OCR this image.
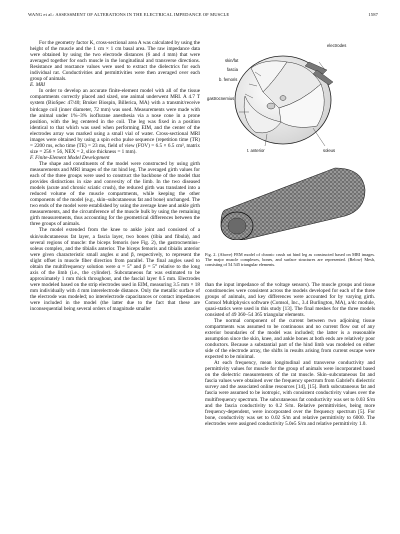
WANG et al.: ASSESSMENT OF ALTERATIONS IN THE ELECTRICAL IMPEDANCE OF MUSCLE	1587

For the geometry factor K, cross-sectional area A was calculated by using the height of the muscle and the 1 cm × 1 cm basal area. The raw impedance data were obtained by using the two electrode distances (6 and 4 mm) that were averaged together for each muscle in the longitudinal and transverse directions. Resistance and reactance values were used to extract the dielectrics for each individual rat. Conductivities and permittivities were then averaged over each group of animals.

E. MRI

In order to develop an accurate finite-element model with all of the tissue compartments correctly placed and sized, one animal underwent MRI. A 4.7 T system (BioSpec 47/40; Bruker Biospin, Billerica, MA) with a transmit/receive birdcage coil (inner diameter, 72 mm) was used. Measurements were made with the animal under 1%–3% isoflurane anesthesia via a nose cone in a prone position, with the leg centered in the coil. The leg was fixed in a position identical to that which was used when performing EIM, and the center of the electrodes array was marked using a small vial of water. Cross-sectional MRI images were obtained by using a spin echo pulse sequence (repetition time (TR) = 2200 ms, echo time (TE) = 23 ms, field of view (FOV) = 6.5 × 6.5 cm², matrix size = 256 × 56, NEX = 2, slice thickness = 1 mm).

F. Finite-Element Model Development

The shape and constituents of the model were constructed by using girth measurements and MRI images of the rat hind leg. The averaged girth values for each of the three groups were used to construct the backbone of the model that provides distinctions in size and convexity of the limb. In the two diseased models (acute and chronic sciatic crush), the reduced girth was translated into a reduced volume of the muscle compartments, while keeping the other components of the model (e.g., skin–subcutaneous fat and bone) unchanged. The two ends of the model were established by using the average knee and ankle girth measurements, and the circumference of the muscle bulk by using the remaining girth measurements, thus accounting for the geometrical differences between the three groups of animals.

The model extended from the knee to ankle joint and consisted of a skin/subcutaneous fat layer, a fascia layer, two bones (tibia and fibula), and several regions of muscle: the biceps femoris (see Fig. 2), the gastrocnemius–soleus complex, and the tibialis anterior. The biceps femoris and tibialis anterior were given characteristic small angles α and β, respectively, to represent the slight offset in muscle fiber direction from parallel. The final angles used to obtain the multifrequency solution were α = 5° and β = 5° relative to the long axis of the limb (i.e., the cylinder). Subcutaneous fat was estimated to be approximately 1 mm thick throughout, and the fascial layer 0.5 mm. Electrodes were modeled based on the strip electrodes used in EIM, measuring 3.5 mm × 18 mm individually with 4 mm interelectrode distance. Only the metallic surface of the electrode was modeled; no interelectrode capacitances or contact impedances were included in the model (the latter due to the fact that these are inconsequential being several orders of magnitude smaller

electrodes
skin/fat
fascia
b. femoris
gastrocnemius
t. anterior	soleus
Fig. 2. (Above) FEM model of chronic crush rat hind leg as constructed based on MRI images. The major muscle complexes, bones, and surface structures are represented. (Below) Mesh, consisting of 54 545 triangular elements.

than the input impedance of the voltage sensors). The muscle groups and tissue constituencies were consistent across the models developed for each of the three groups of animals, and key differences were accounted for by varying girth. Comsol Multiphysics software (Comsol, Inc., 3.4 Burlington, MA), a/dc module, quasi-statics were used in this study [13]. The final meshes for the three models consisted of 49 360–54 365 triangular elements.

The normal component of the current between two adjoining tissue compartments was assumed to be continuous and no current flow out of any exterior boundaries of the model was included; the latter is a reasonable assumption since the skin, knee, and ankle bones at both ends are relatively poor conductors. Because a substantial part of the hind limb was modeled on either side of the electrode array, the shifts in results arising from current escape were expected to be minimal.

At each frequency, mean longitudinal and transverse conductivity and permittivity values for muscle for the group of animals were incorporated based on the dielectric measurements of the rat muscle. Skin–subcutaneous fat and fascia values were obtained over the frequency spectrum from Gabriel's dielectric survey and the associated online resources [14], [15]. Both subcutaneous fat and fascia were assumed to be isotropic, with consistent conductivity values over the multifrequency spectrum. The subcutaneous fat conductivity was set to 0.03 S/m and the fascia conductivity to 0.2 S/m. Relative permittivities, being more frequency-dependent, were incorporated over the frequency spectrum [5]. For bone, conductivity was set to 0.02 S/m and relative permittivity to 6000. The electrodes were assigned conductivity 5.0e5 S/m and relative permittivity 1.0.
